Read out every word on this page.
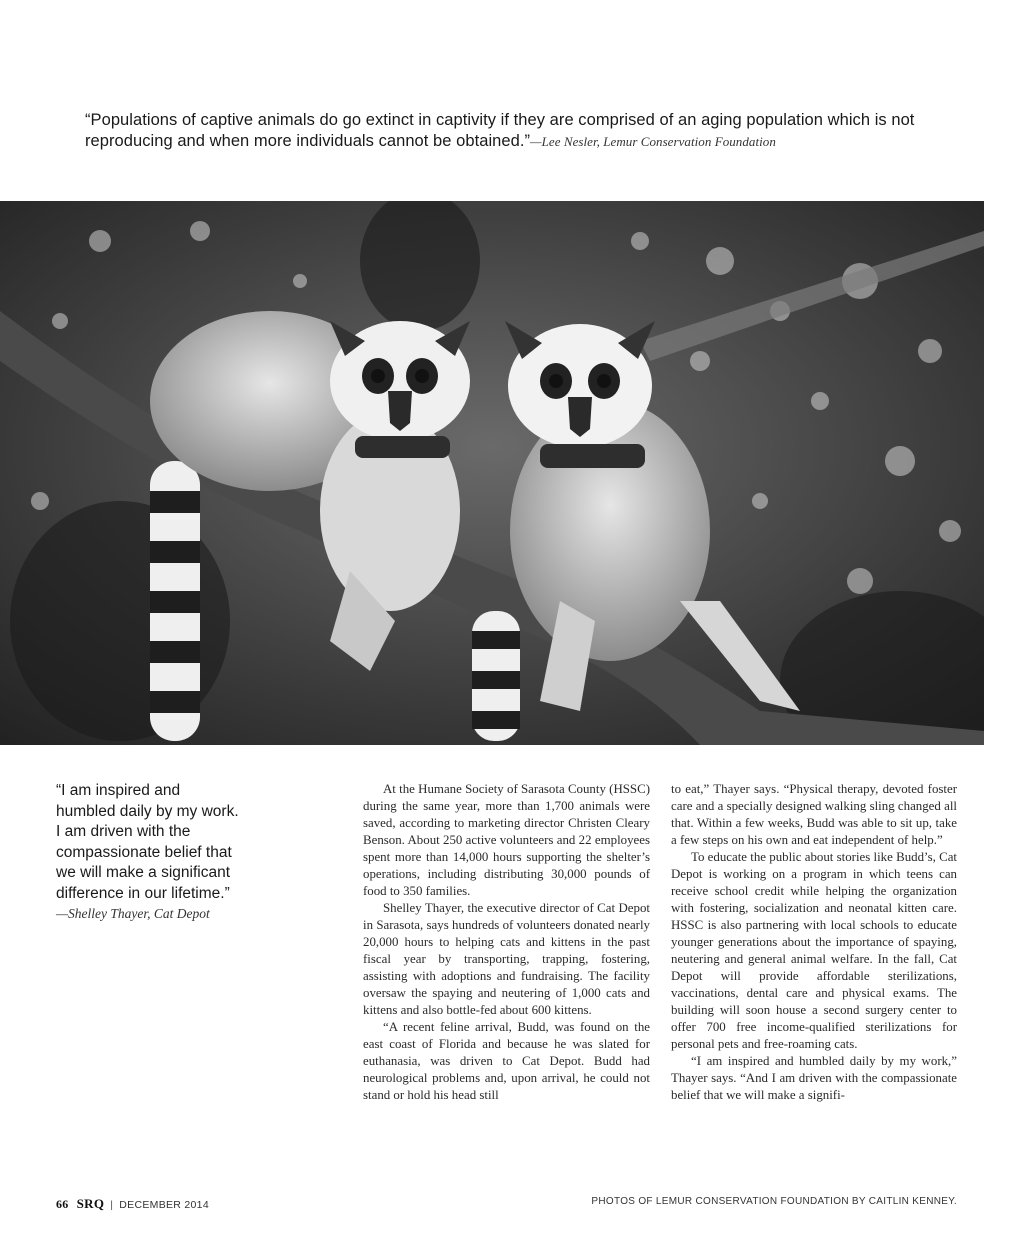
“Populations of captive animals do go extinct in captivity if they are comprised of an aging population which is not reproducing and when more individuals cannot be obtained.”—Lee Nesler, Lemur Conservation Foundation
“I am inspired and humbled daily by my work. I am driven with the compassionate belief that we will make a significant difference in our lifetime.” —Shelley Thayer, Cat Depot

At the Humane Society of Sarasota County (HSSC) during the same year, more than 1,700 animals were saved, according to marketing director Christen Cleary Benson. About 250 active volunteers and 22 employees spent more than 14,000 hours supporting the shelter’s operations, including distributing 30,000 pounds of food to 350 families.

Shelley Thayer, the executive director of Cat Depot in Sarasota, says hundreds of volunteers donated nearly 20,000 hours to helping cats and kittens in the past fiscal year by transporting, trapping, fostering, assisting with adoptions and fundraising. The facility oversaw the spaying and neutering of 1,000 cats and kittens and also bottle-fed about 600 kittens.

“A recent feline arrival, Budd, was found on the east coast of Florida and because he was slated for euthanasia, was driven to Cat Depot. Budd had neurological problems and, upon arrival, he could not stand or hold his head still

to eat,” Thayer says. “Physical therapy, devoted foster care and a specially designed walking sling changed all that. Within a few weeks, Budd was able to sit up, take a few steps on his own and eat independent of help.”

To educate the public about stories like Budd’s, Cat Depot is working on a program in which teens can receive school credit while helping the organization with fostering, socialization and neonatal kitten care. HSSC is also partnering with local schools to educate younger generations about the importance of spaying, neutering and general animal welfare. In the fall, Cat Depot will provide affordable sterilizations, vaccinations, dental care and physical exams. The building will soon house a second surgery center to offer 700 free income-qualified sterilizations for personal pets and free-roaming cats.

“I am inspired and humbled daily by my work,” Thayer says. “And I am driven with the compassionate belief that we will make a signifi-

66 SRQ | DECEMBER 2014	PHOTOS OF LEMUR CONSERVATION FOUNDATION BY CAITLIN KENNEY.
